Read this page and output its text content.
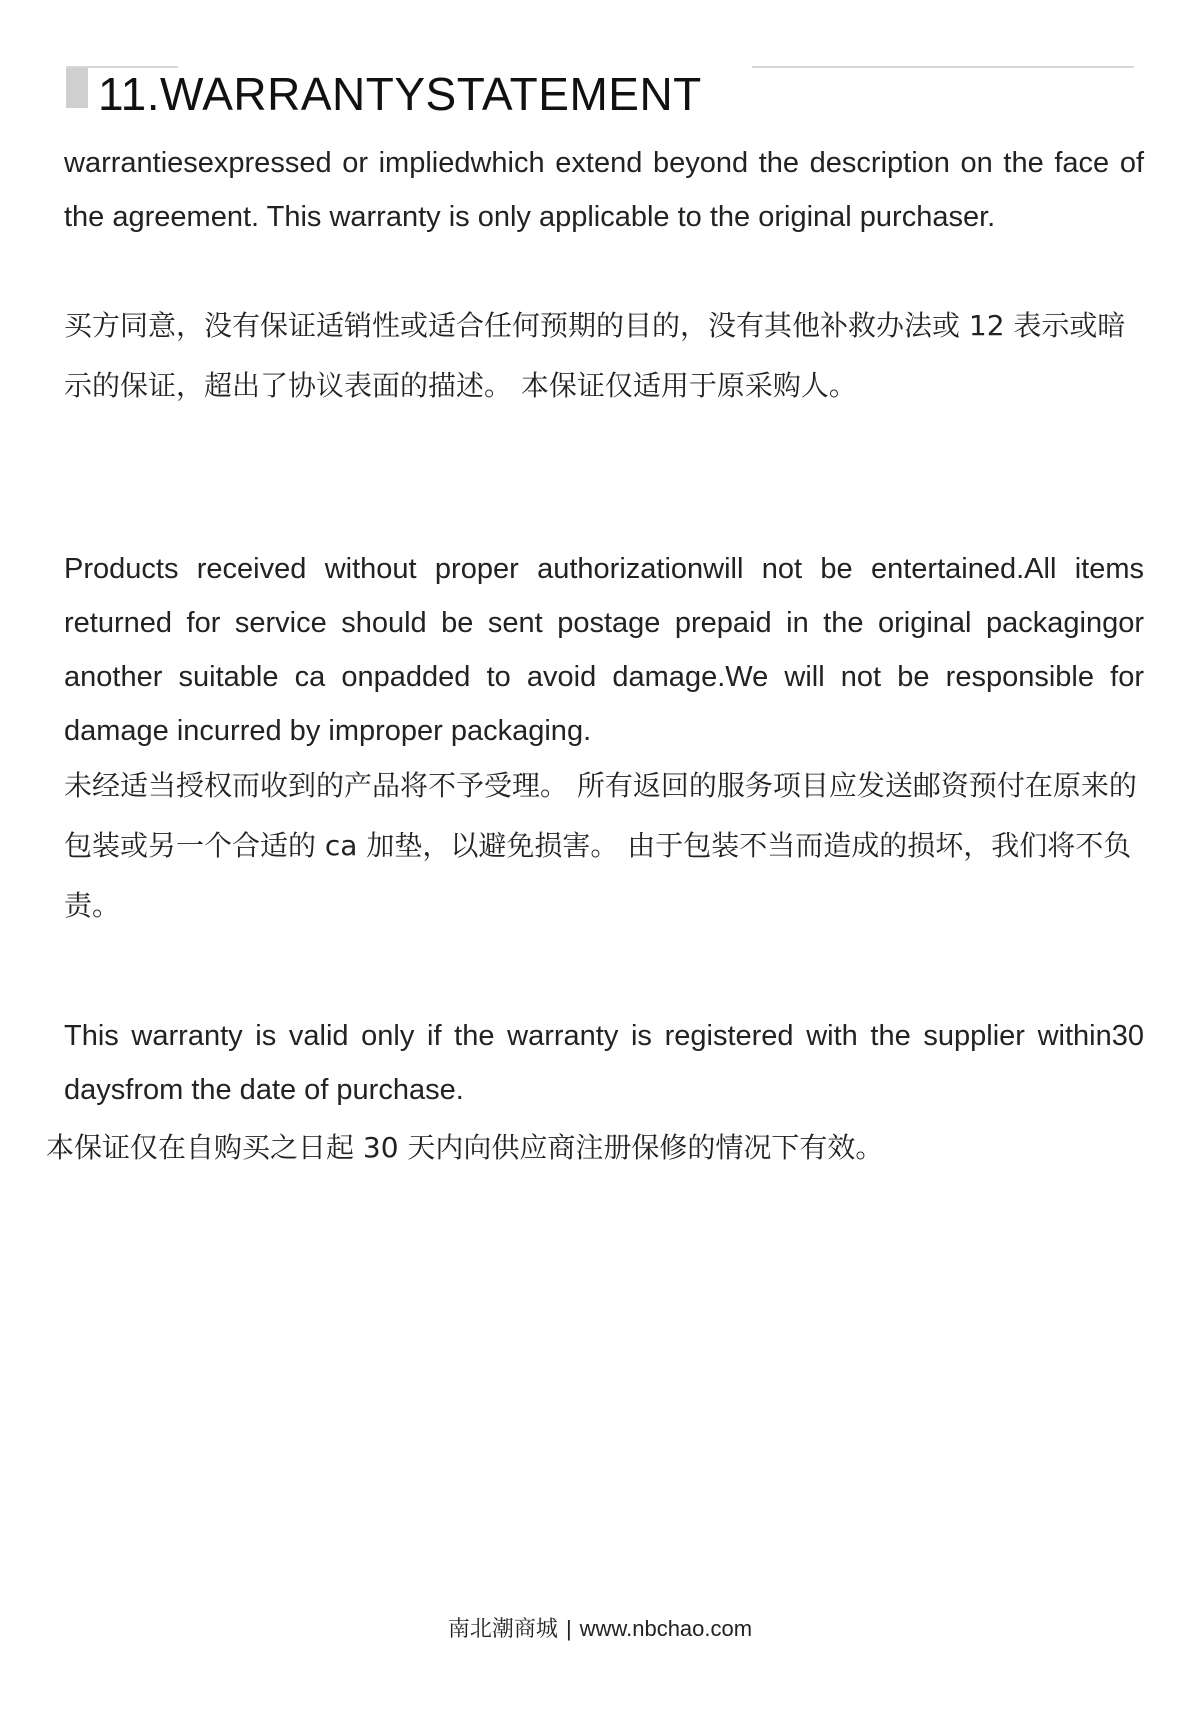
11.WARRANTYSTATEMENT

warrantiesexpressed or impliedwhich extend beyond the description on the face of the agreement. This warranty is only applicable to the original purchaser.

买方同意，没有保证适销性或适合任何预期的目的，没有其他补救办法或 12 表示或暗示的保证，超出了协议表面的描述。 本保证仅适用于原采购人。

Products received without proper authorizationwill not be entertained.All items returned for service should be sent postage prepaid in the original packagingor another suitable ca onpadded to avoid damage.We will not be responsible for damage incurred by improper packaging.

未经适当授权而收到的产品将不予受理。 所有返回的服务项目应发送邮资预付在原来的包装或另一个合适的 ca 加垫，以避免损害。 由于包装不当而造成的损坏，我们将不负责。

This warranty is valid only if the warranty is registered with the supplier within30 daysfrom the date of purchase.

本保证仅在自购买之日起 30 天内向供应商注册保修的情况下有效。

南北潮商城 | www.nbchao.com
